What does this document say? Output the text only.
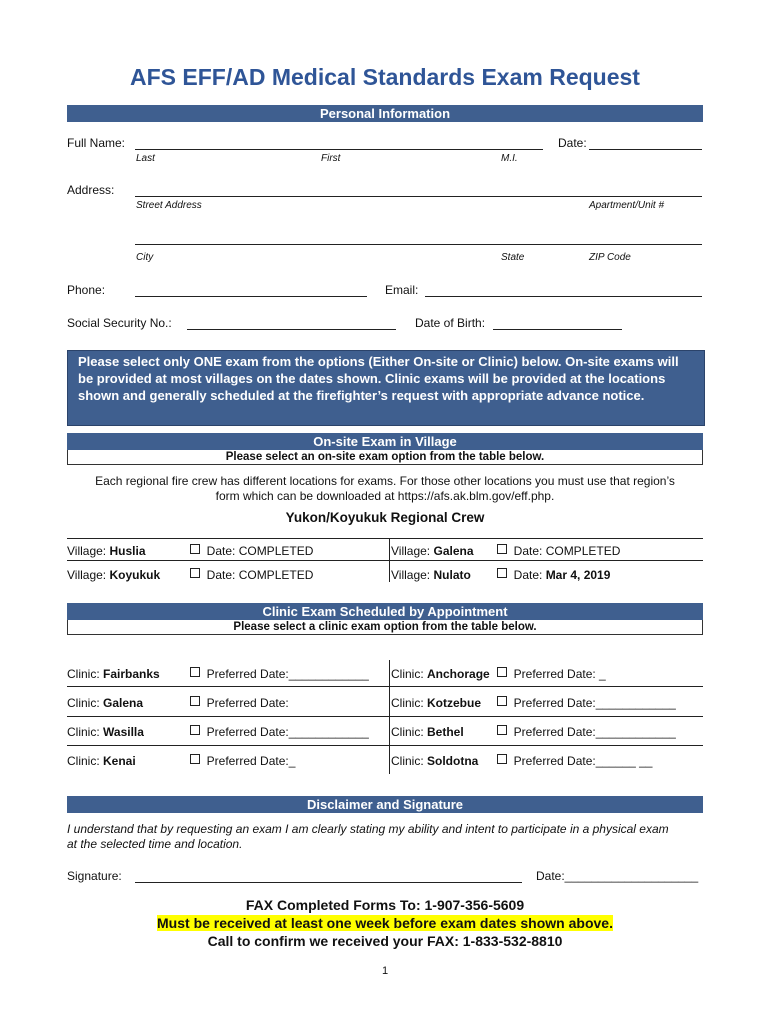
AFS EFF/AD Medical Standards Exam Request
Personal Information
Full Name:	Date:
Last	First	M.I.
Address:
Street Address	Apartment/Unit #
City	State	ZIP Code
Phone:	Email:
Social Security No.:	Date of Birth:
Please select only ONE exam from the options (Either On-site or Clinic) below. On-site exams will be provided at most villages on the dates shown. Clinic exams will be provided at the locations shown and generally scheduled at the firefighter’s request with appropriate advance notice.
On-site Exam in Village
Please select an on-site exam option from the table below.
Each regional fire crew has different locations for exams. For those other locations you must use that region’s
form which can be downloaded at https://afs.ak.blm.gov/eff.php.
Yukon/Koyukuk Regional Crew
Village: Huslia	Date: COMPLETED	Village: Galena	Date: COMPLETED
Village: Koyukuk	Date: COMPLETED	Village: Nulato	Date: Mar 4, 2019
Clinic Exam Scheduled by Appointment
Please select a clinic exam option from the table below.
Clinic: Fairbanks	Preferred Date:____________ Clinic: Anchorage	Preferred Date: _
Clinic: Galena	Preferred Date:	Clinic: Kotzebue	Preferred Date:____________
Clinic: Wasilla	Preferred Date:____________ Clinic: Bethel	Preferred Date:____________
Clinic: Kenai	Preferred Date:_	Clinic: Soldotna	Preferred Date:______ __
Disclaimer and Signature
I understand that by requesting an exam I am clearly stating my ability and intent to participate in a physical exam
at the selected time and location.
Signature:	Date:____________________
FAX Completed Forms To: 1-907-356-5609
Must be received at least one week before exam dates shown above.
Call to confirm we received your FAX: 1-833-532-8810
1
